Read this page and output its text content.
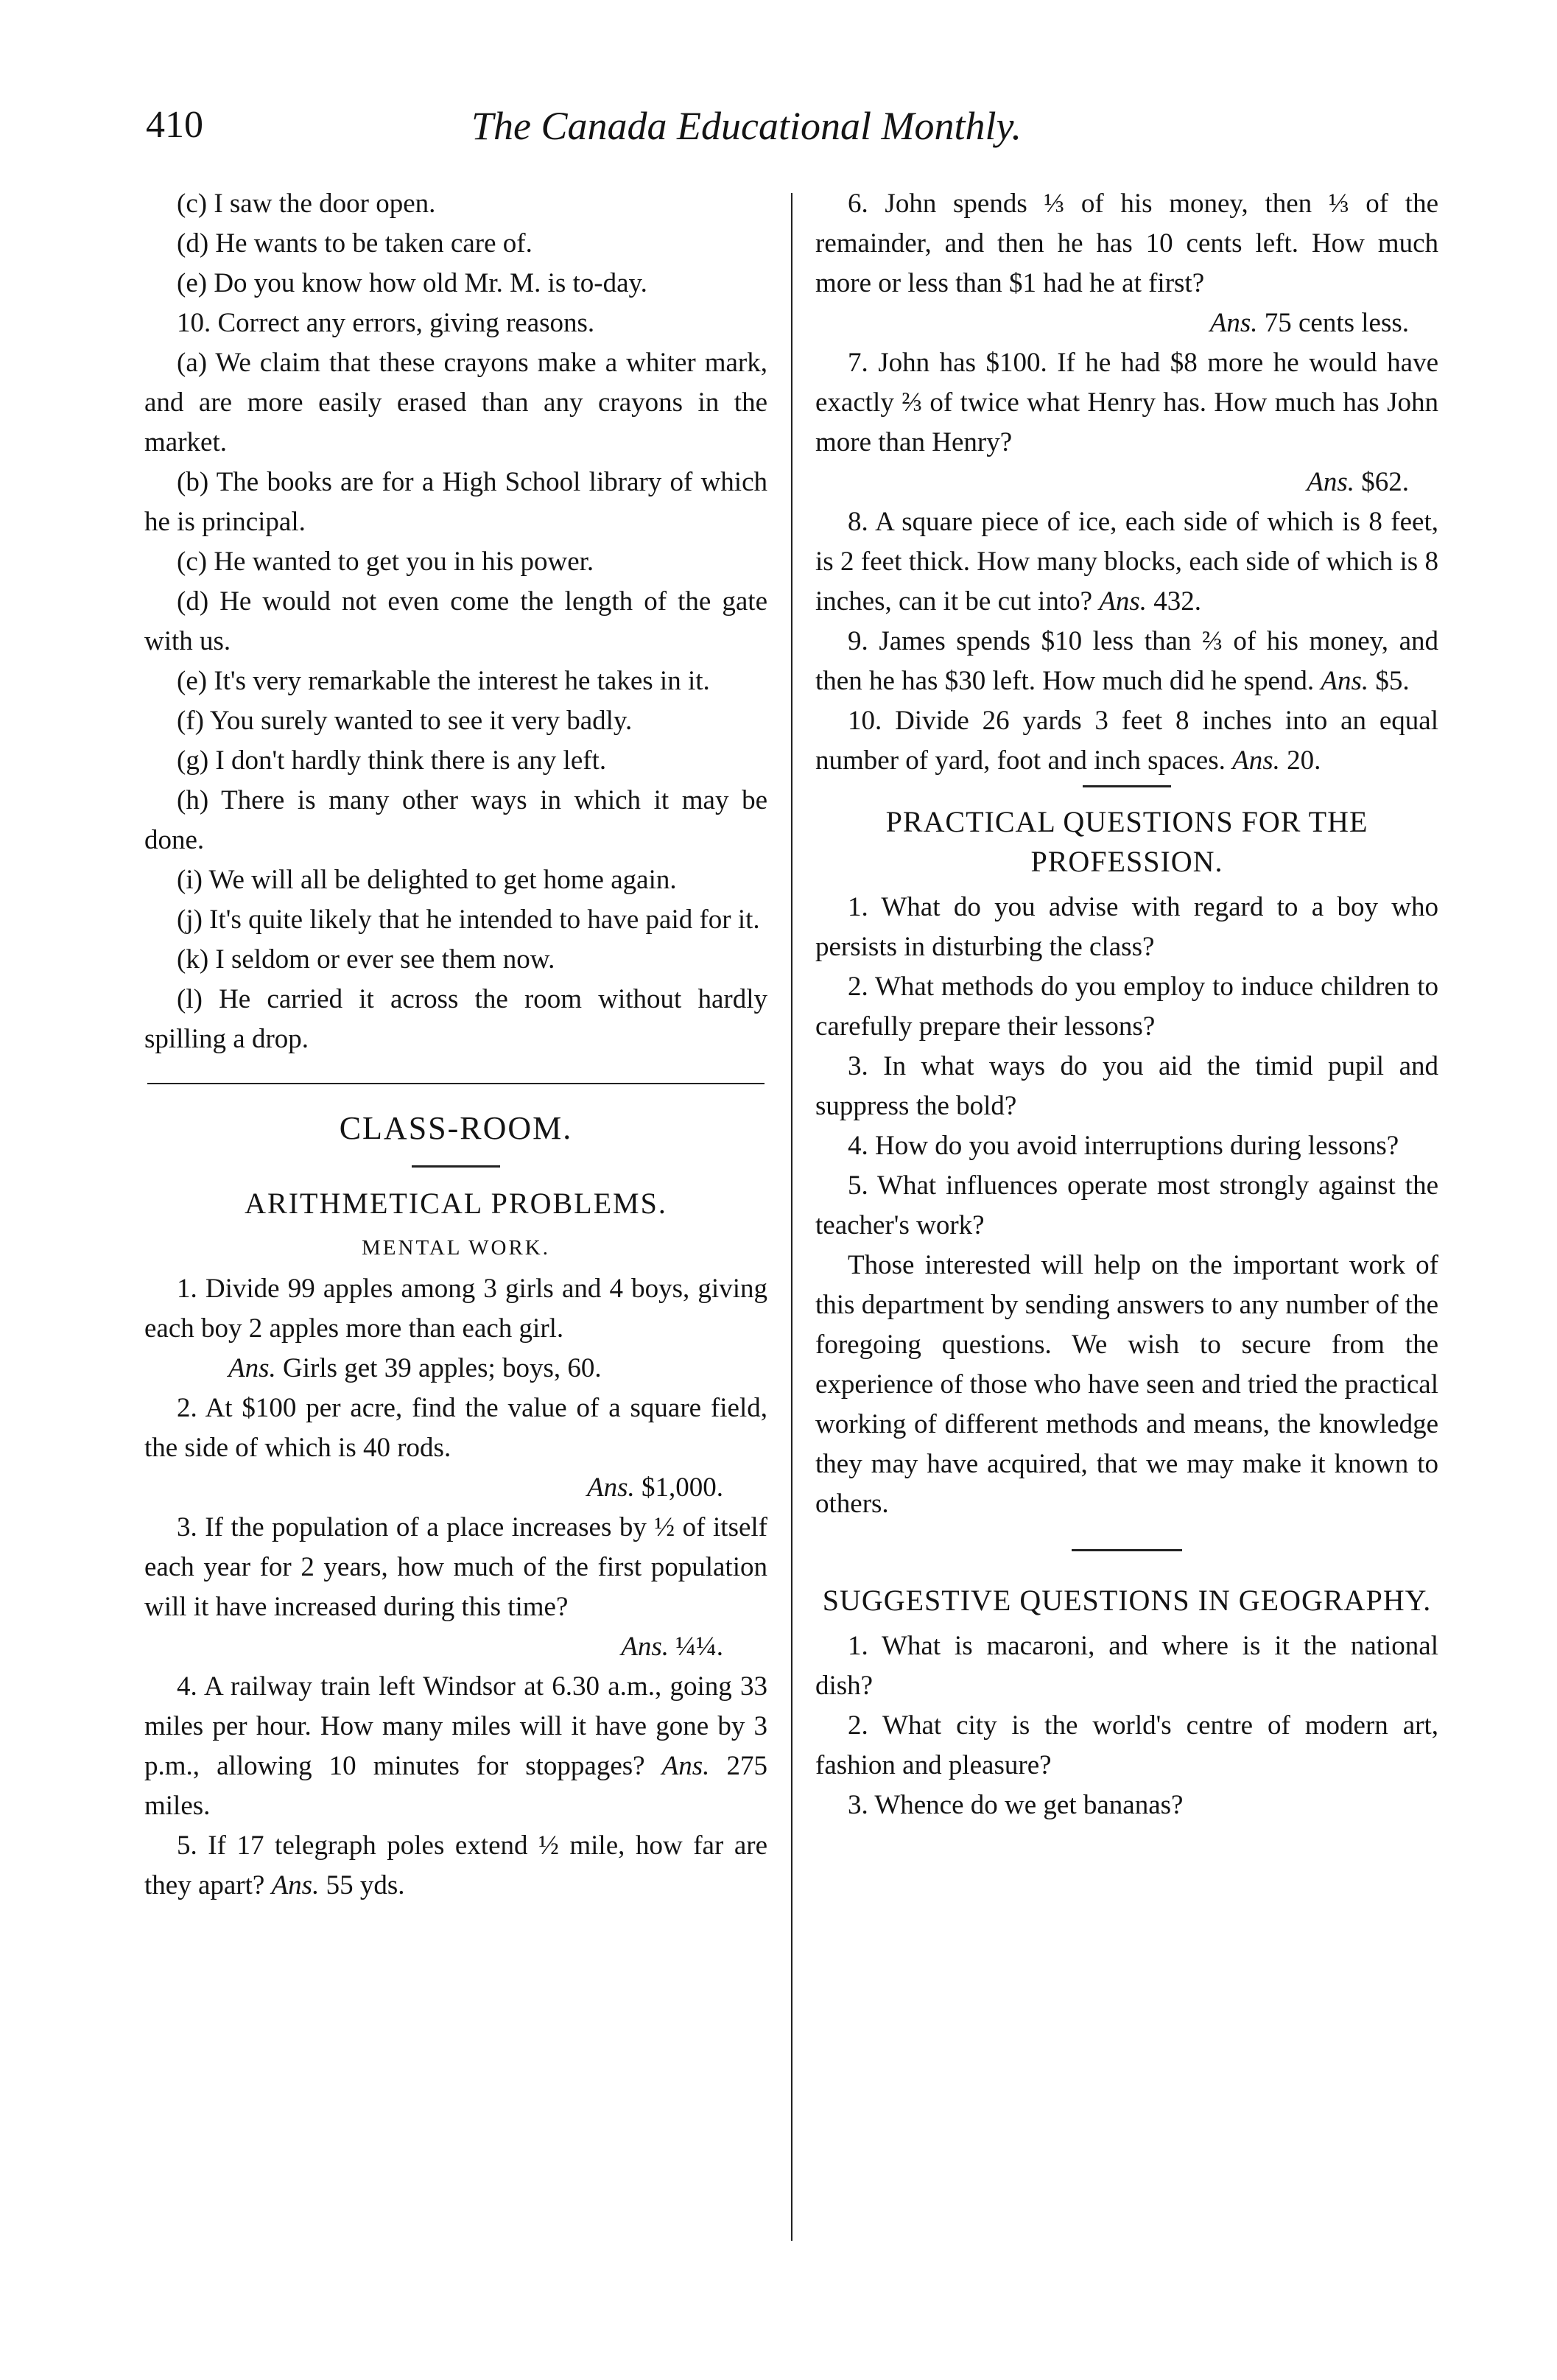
410	The Canada Educational Monthly.

(c) I saw the door open.

(d) He wants to be taken care of.

(e) Do you know how old Mr. M. is to-day.

10. Correct any errors, giving reasons.

(a) We claim that these crayons make a whiter mark, and are more easily erased than any crayons in the market.

(b) The books are for a High School library of which he is principal.

(c) He wanted to get you in his power.

(d) He would not even come the length of the gate with us.

(e) It's very remarkable the interest he takes in it.

(f) You surely wanted to see it very badly.

(g) I don't hardly think there is any left.

(h) There is many other ways in which it may be done.

(i) We will all be delighted to get home again.

(j) It's quite likely that he intended to have paid for it.

(k) I seldom or ever see them now.

(l) He carried it across the room without hardly spilling a drop.

CLASS-ROOM.
ARITHMETICAL PROBLEMS.
MENTAL WORK.

1. Divide 99 apples among 3 girls and 4 boys, giving each boy 2 apples more than each girl.

Ans. Girls get 39 apples; boys, 60.

2. At $100 per acre, find the value of a square field, the side of which is 40 rods.

Ans. $1,000.

3. If the population of a place increases by ½ of itself each year for 2 years, how much of the first population will it have increased during this time?

Ans. ¼¼.

4. A railway train left Windsor at 6.30 a.m., going 33 miles per hour. How many miles will it have gone by 3 p.m., allowing 10 minutes for stoppages? Ans. 275 miles.

5. If 17 telegraph poles extend ½ mile, how far are they apart? Ans. 55 yds.

6. John spends ⅓ of his money, then ⅓ of the remainder, and then he has 10 cents left. How much more or less than $1 had he at first?

Ans. 75 cents less.

7. John has $100. If he had $8 more he would have exactly ⅔ of twice what Henry has. How much has John more than Henry?

Ans. $62.

8. A square piece of ice, each side of which is 8 feet, is 2 feet thick. How many blocks, each side of which is 8 inches, can it be cut into? Ans. 432.

9. James spends $10 less than ⅔ of his money, and then he has $30 left. How much did he spend. Ans. $5.

10. Divide 26 yards 3 feet 8 inches into an equal number of yard, foot and inch spaces. Ans. 20.

PRACTICAL QUESTIONS FOR THE PROFESSION.

1. What do you advise with regard to a boy who persists in disturbing the class?

2. What methods do you employ to induce children to carefully prepare their lessons?

3. In what ways do you aid the timid pupil and suppress the bold?

4. How do you avoid interruptions during lessons?

5. What influences operate most strongly against the teacher's work?

Those interested will help on the important work of this department by sending answers to any number of the foregoing questions. We wish to secure from the experience of those who have seen and tried the practical working of different methods and means, the knowledge they may have acquired, that we may make it known to others.

SUGGESTIVE QUESTIONS IN GEOGRAPHY.

1. What is macaroni, and where is it the national dish?

2. What city is the world's centre of modern art, fashion and pleasure?

3. Whence do we get bananas?
